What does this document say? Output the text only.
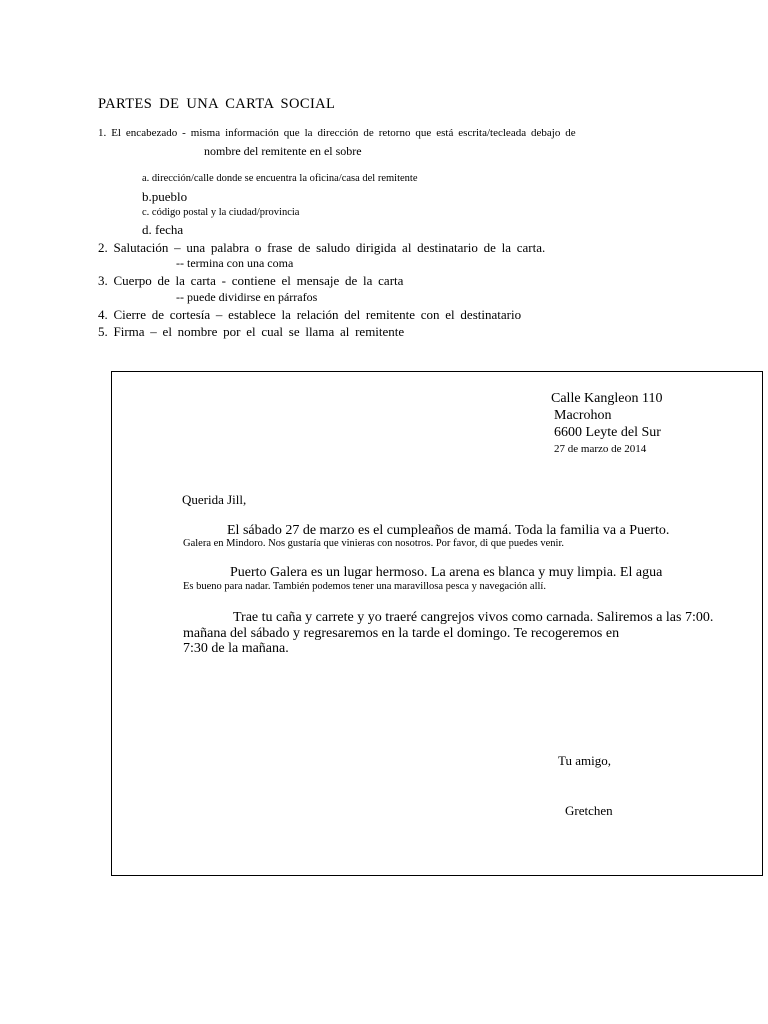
PARTES DE UNA CARTA SOCIAL
1. El encabezado - misma información que la dirección de retorno que está escrita/tecleada debajo de
nombre del remitente en el sobre
a. dirección/calle donde se encuentra la oficina/casa del remitente
b.pueblo
c. código postal y la ciudad/provincia
d. fecha
2. Salutación – una palabra o frase de saludo dirigida al destinatario de la carta.
-- termina con una coma
3. Cuerpo de la carta - contiene el mensaje de la carta
-- puede dividirse en párrafos
4. Cierre de cortesía – establece la relación del remitente con el destinatario
5. Firma – el nombre por el cual se llama al remitente
Calle Kangleon 110
Macrohon
6600 Leyte del Sur
27 de marzo de 2014
Querida Jill,
El sábado 27 de marzo es el cumpleaños de mamá. Toda la familia va a Puerto.
Galera en Mindoro. Nos gustaría que vinieras con nosotros. Por favor, di que puedes venir.
Puerto Galera es un lugar hermoso. La arena es blanca y muy limpia. El agua
Es bueno para nadar. También podemos tener una maravillosa pesca y navegación allí.
Trae tu caña y carrete y yo traeré cangrejos vivos como carnada. Saliremos a las 7:00.
mañana del sábado y regresaremos en la tarde el domingo. Te recogeremos en
7:30 de la mañana.
Tu amigo,
Gretchen
